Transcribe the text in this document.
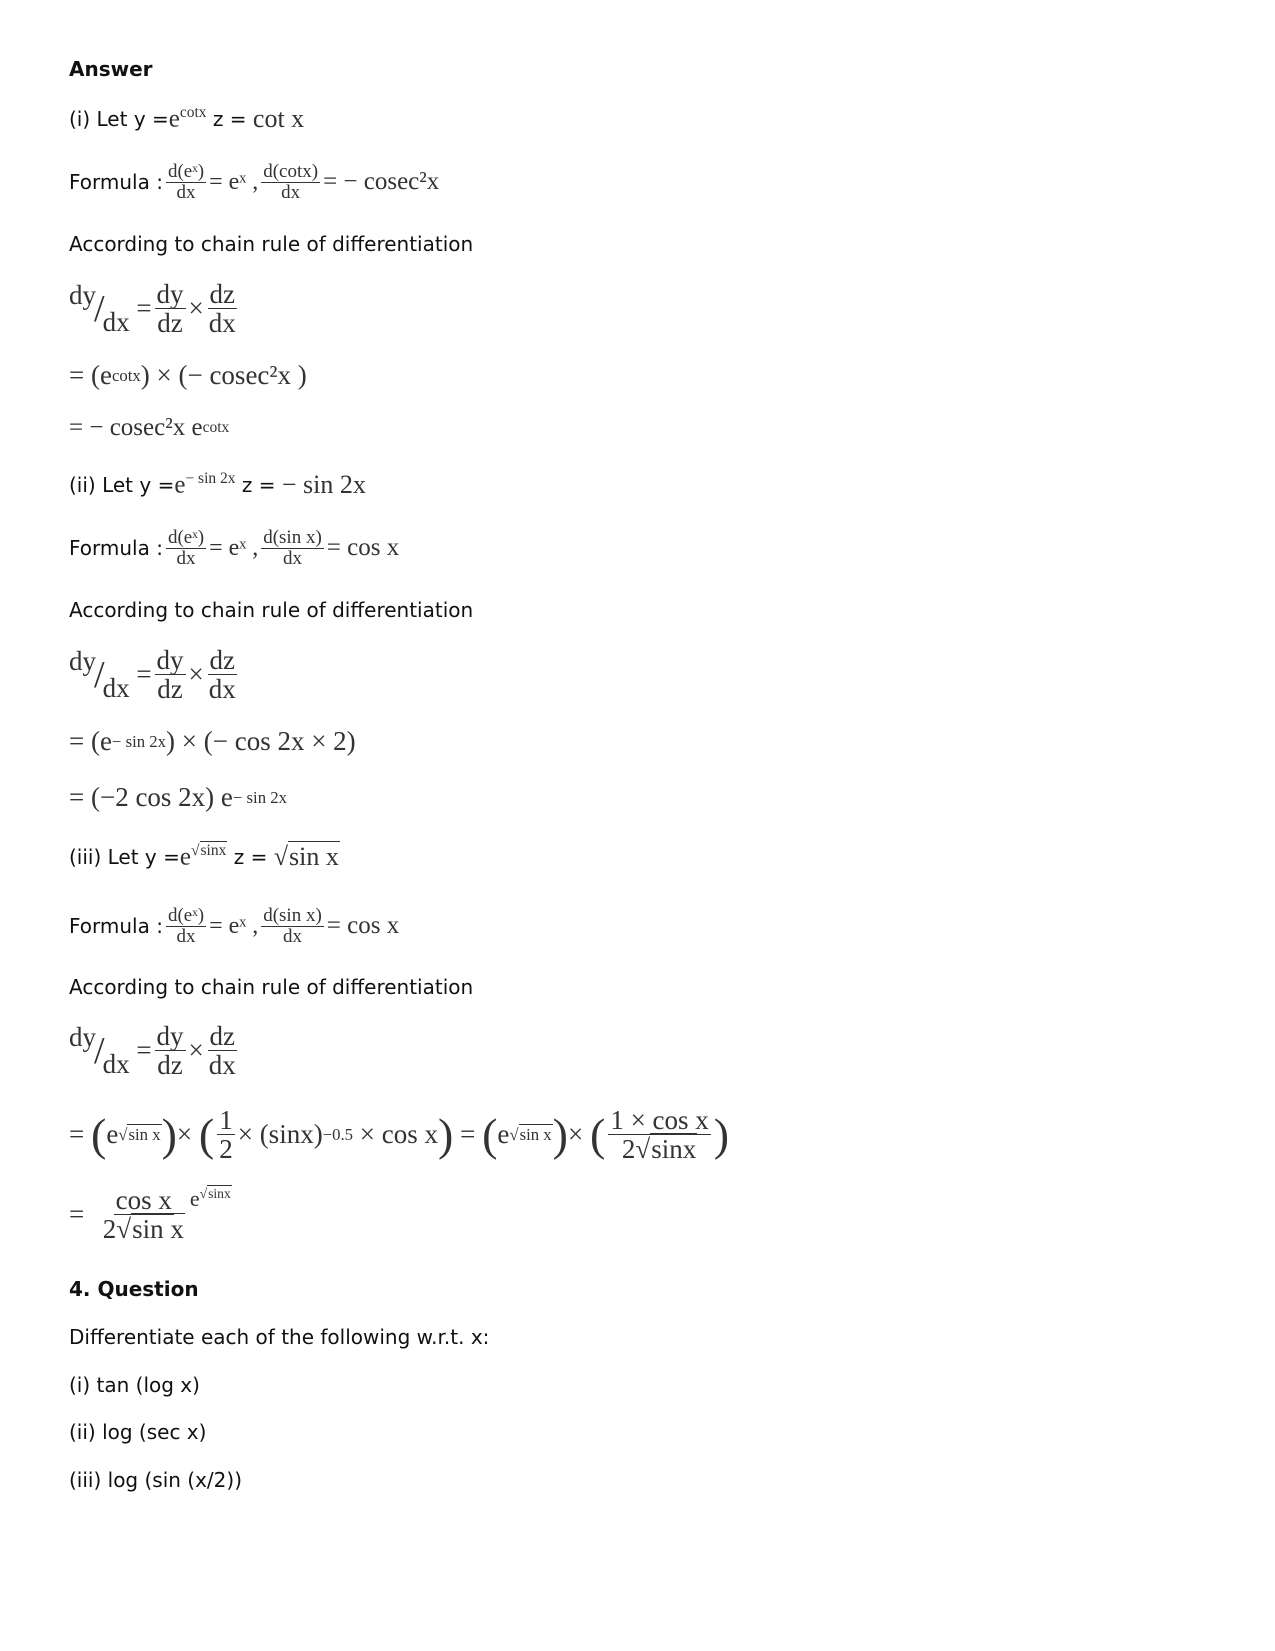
Answer
(i) Let $y = e^{cotx}$
z =
cot x
Formula : $\frac{\text{d(eˣ)}}{dx}$ = eˣ , $\frac{d(\cot x)}{dx}$ = − cosec²x
According to chain rule of differentiation
dy
/
dx
= $\frac{dy}{dz} \times \frac{dz}{dx}$
= (e cotx ) × (− cosec²x )
= − cosec²x e cotx
(ii) Let $y = e^{- sin 2x}$
z =
− sin 2x
Formula : $\frac{\text{d(eˣ)}}{dx}$ = eˣ , $\frac{\text{d(sin x)}}{dx} = \cos x$
According to chain rule of differentiation
dy
/
dx
= $\frac{dy}{dz} \times \frac{dz}{dx}$
= (e − sin 2x ) × (− cos 2x × 2)
= (−2 cos 2x) e − sin 2x
(iii) Let $y = e^{√sinx}$
z =
√sin x
Formula : $\frac{\text{d(eˣ)}}{dx}$ = eˣ , $\frac{\text{d(sin x)}}{dx} = \cos x$
According to chain rule of differentiation
dy
/
dx
= $\frac{dy}{dz} \times \frac{dz}{dx}$
=
( e √sin x ) ×
( $\frac{1}{2} \times (\sin x) -0.5$
× cos x )
=
( e √sin x ) ×
( $\frac{\text{1 × cos x}}{2√\sin x}$ )
=
$\frac{\text{cos x}}{\text{2√sin x}} e^{√sinx}$
4. Question
Differentiate each of the following w.r.t. x:
(i) tan (log x)
(ii) log (sec x)
(iii) log (sin (x/2))
